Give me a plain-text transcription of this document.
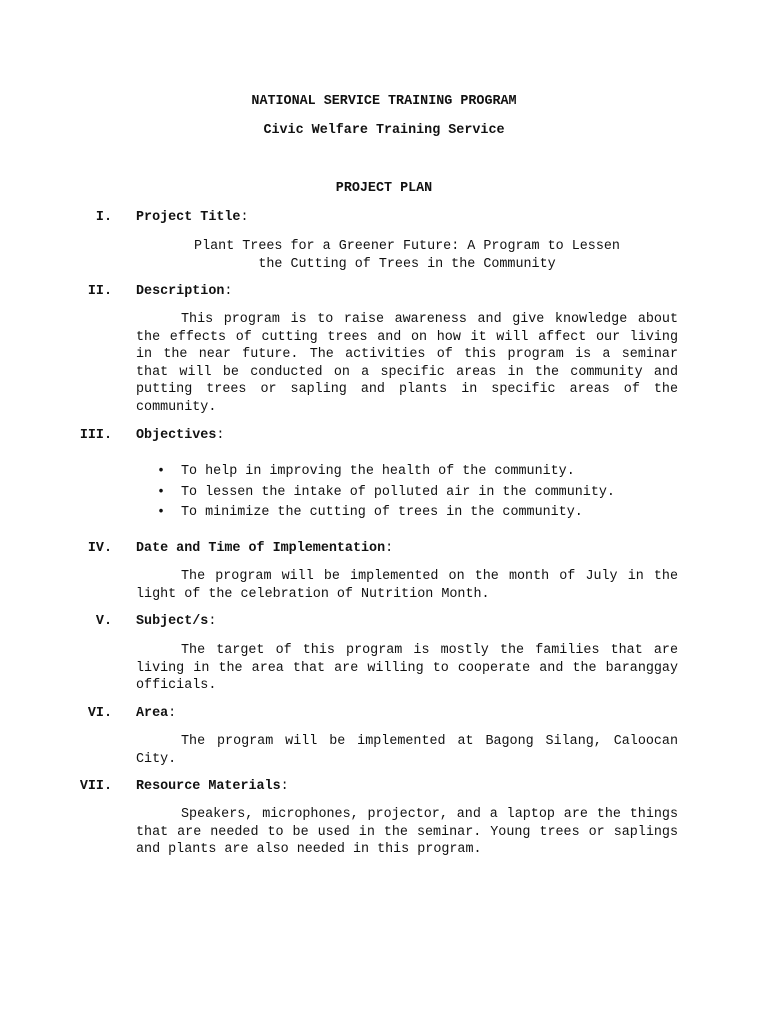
NATIONAL SERVICE TRAINING PROGRAM
Civic Welfare Training Service
PROJECT PLAN
I. Project Title:
Plant Trees for a Greener Future: A Program to Lessen
the Cutting of Trees in the Community
II. Description:

This program is to raise awareness and give knowledge about the effects of cutting trees and on how it will affect our living in the near future. The activities of this program is a seminar that will be conducted on a specific areas in the community and putting trees or sapling and plants in specific areas of the community.

III. Objectives:
• To help in improving the health of the community.
• To lessen the intake of polluted air in the community.
• To minimize the cutting of trees in the community.
IV. Date and Time of Implementation:

The program will be implemented on the month of July in the light of the celebration of Nutrition Month.

V. Subject/s:

The target of this program is mostly the families that are living in the area that are willing to cooperate and the baranggay officials.

VI. Area:

The program will be implemented at Bagong Silang, Caloocan City.

VII. Resource Materials:

Speakers, microphones, projector, and a laptop are the things that are needed to be used in the seminar. Young trees or saplings and plants are also needed in this program.
